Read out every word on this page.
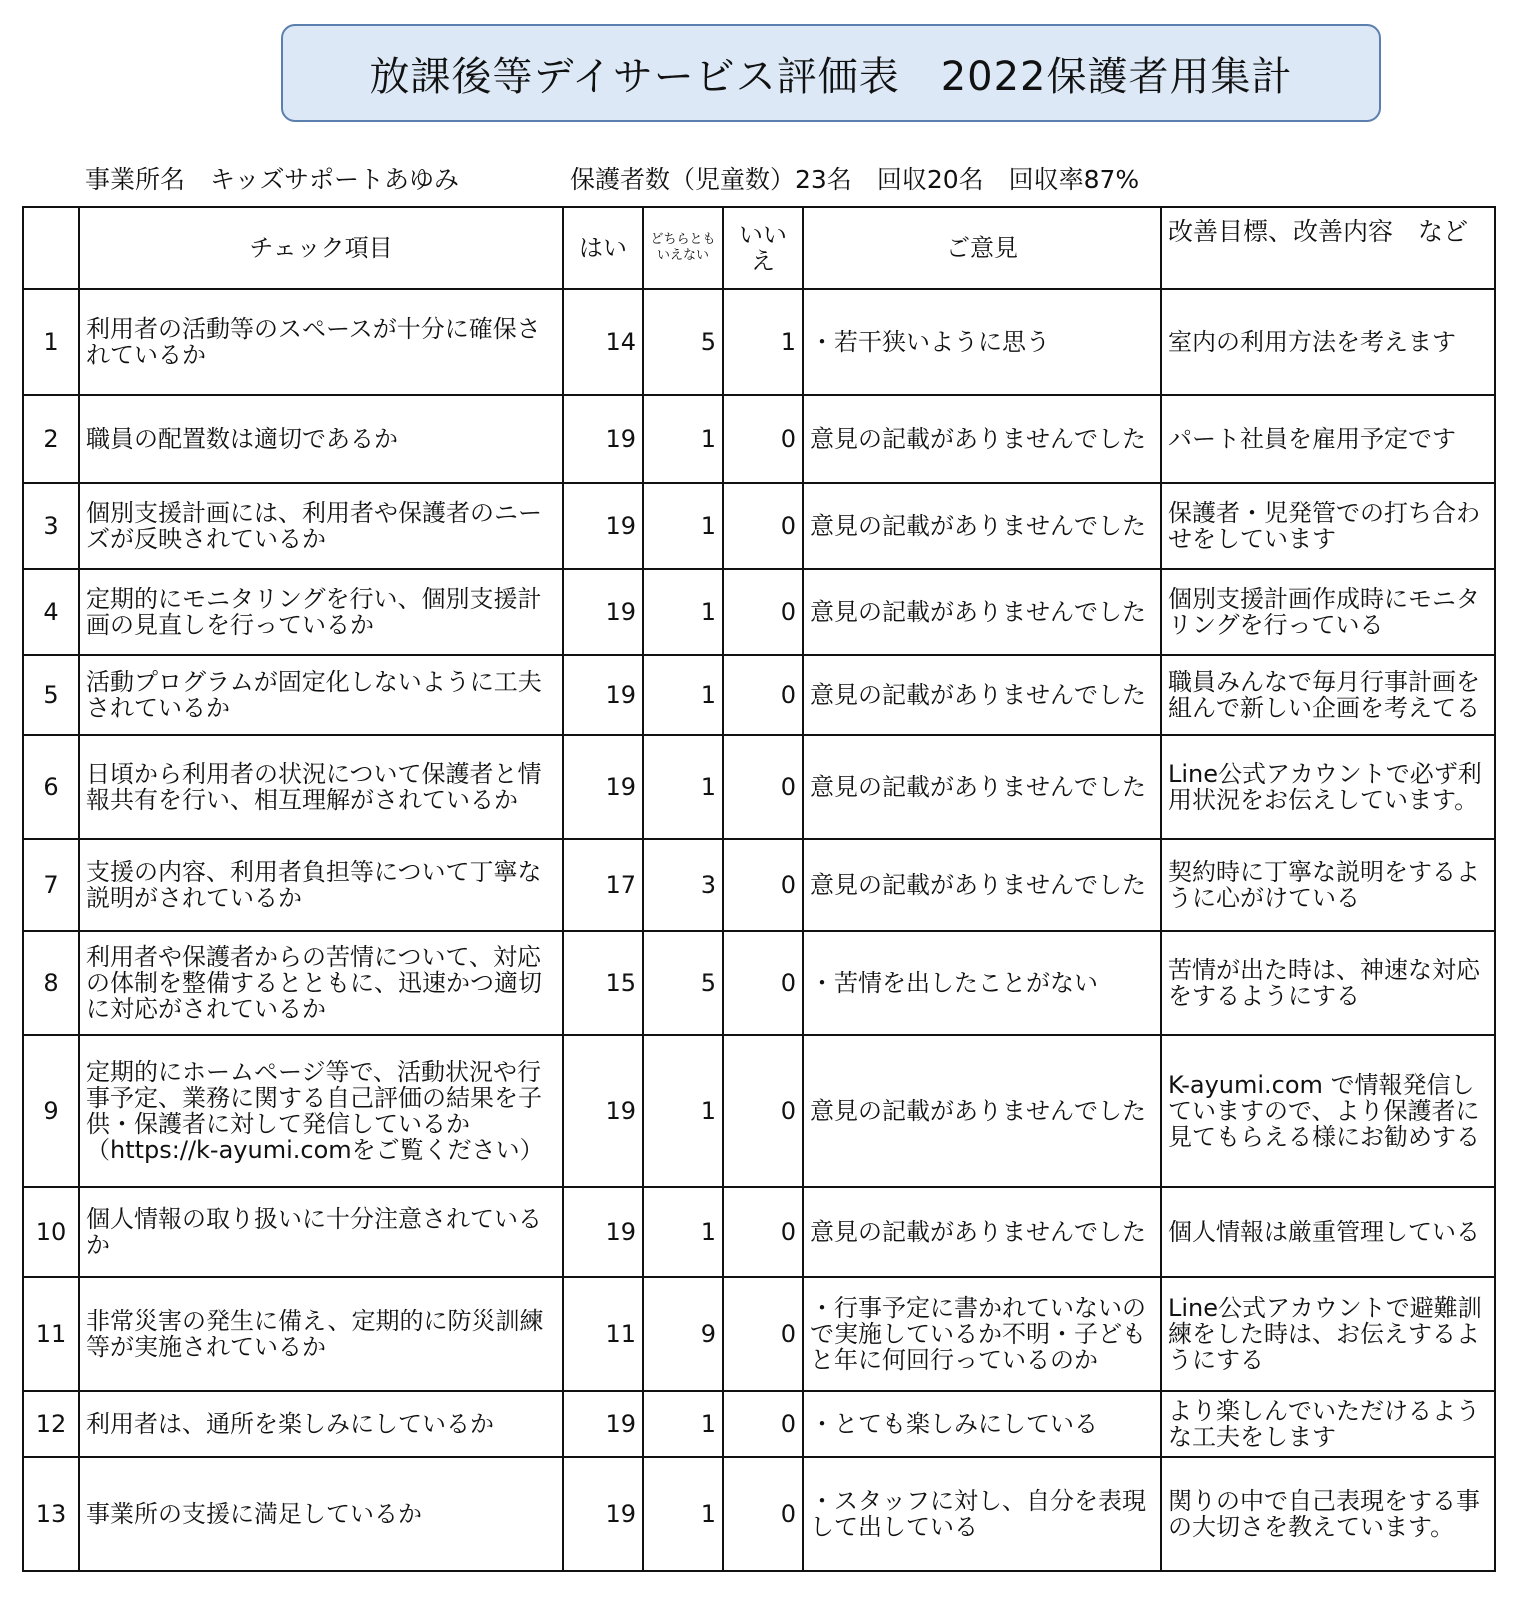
放課後等デイサービス評価表　2022保護者用集計
事業所名　キッズサポートあゆみ	保護者数（児童数）23名　回収20名　回収率87%
	チェック項目	はい	どちらとも いえない	いいえ	ご意見	改善目標、改善内容　など
1	利用者の活動等のスペースが十分に確保されているか	14	5	1	・若干狭いように思う	室内の利用方法を考えます
2	職員の配置数は適切であるか	19	1	0	意見の記載がありませんでした	パート社員を雇用予定です
3	個別支援計画には、利用者や保護者のニーズが反映されているか	19	1	0	意見の記載がありませんでした	保護者・児発管での打ち合わせをしています
4	定期的にモニタリングを行い、個別支援計画の見直しを行っているか	19	1	0	意見の記載がありませんでした	個別支援計画作成時にモニタリングを行っている
5	活動プログラムが固定化しないように工夫されているか	19	1	0	意見の記載がありませんでした	職員みんなで毎月行事計画を組んで新しい企画を考えてる
6	日頃から利用者の状況について保護者と情報共有を行い、相互理解がされているか	19	1	0	意見の記載がありませんでした	Line公式アカウントで必ず利用状況をお伝えしています。
7	支援の内容、利用者負担等について丁寧な説明がされているか	17	3	0	意見の記載がありませんでした	契約時に丁寧な説明をするように心がけている
8	利用者や保護者からの苦情について、対応の体制を整備するとともに、迅速かつ適切に対応がされているか	15	5	0	・苦情を出したことがない	苦情が出た時は、神速な対応をするようにする
9	定期的にホームページ等で、活動状況や行事予定、業務に関する自己評価の結果を子供・保護者に対して発信しているか（https://k-ayumi.comをご覧ください）	19	1	0	意見の記載がありませんでした	K-ayumi.com で情報発信していますので、より保護者に見てもらえる様にお勧めする
10	個人情報の取り扱いに十分注意されているか	19	1	0	意見の記載がありませんでした	個人情報は厳重管理している
11	非常災害の発生に備え、定期的に防災訓練等が実施されているか	11	9	0	・行事予定に書かれていないので実施しているか不明・子どもと年に何回行っているのか	Line公式アカウントで避難訓練をした時は、お伝えするようにする
12	利用者は、通所を楽しみにしているか	19	1	0	・とても楽しみにしている	より楽しんでいただけるような工夫をします
13	事業所の支援に満足しているか	19	1	0	・スタッフに対し、自分を表現して出している	関りの中で自己表現をする事の大切さを教えています。
